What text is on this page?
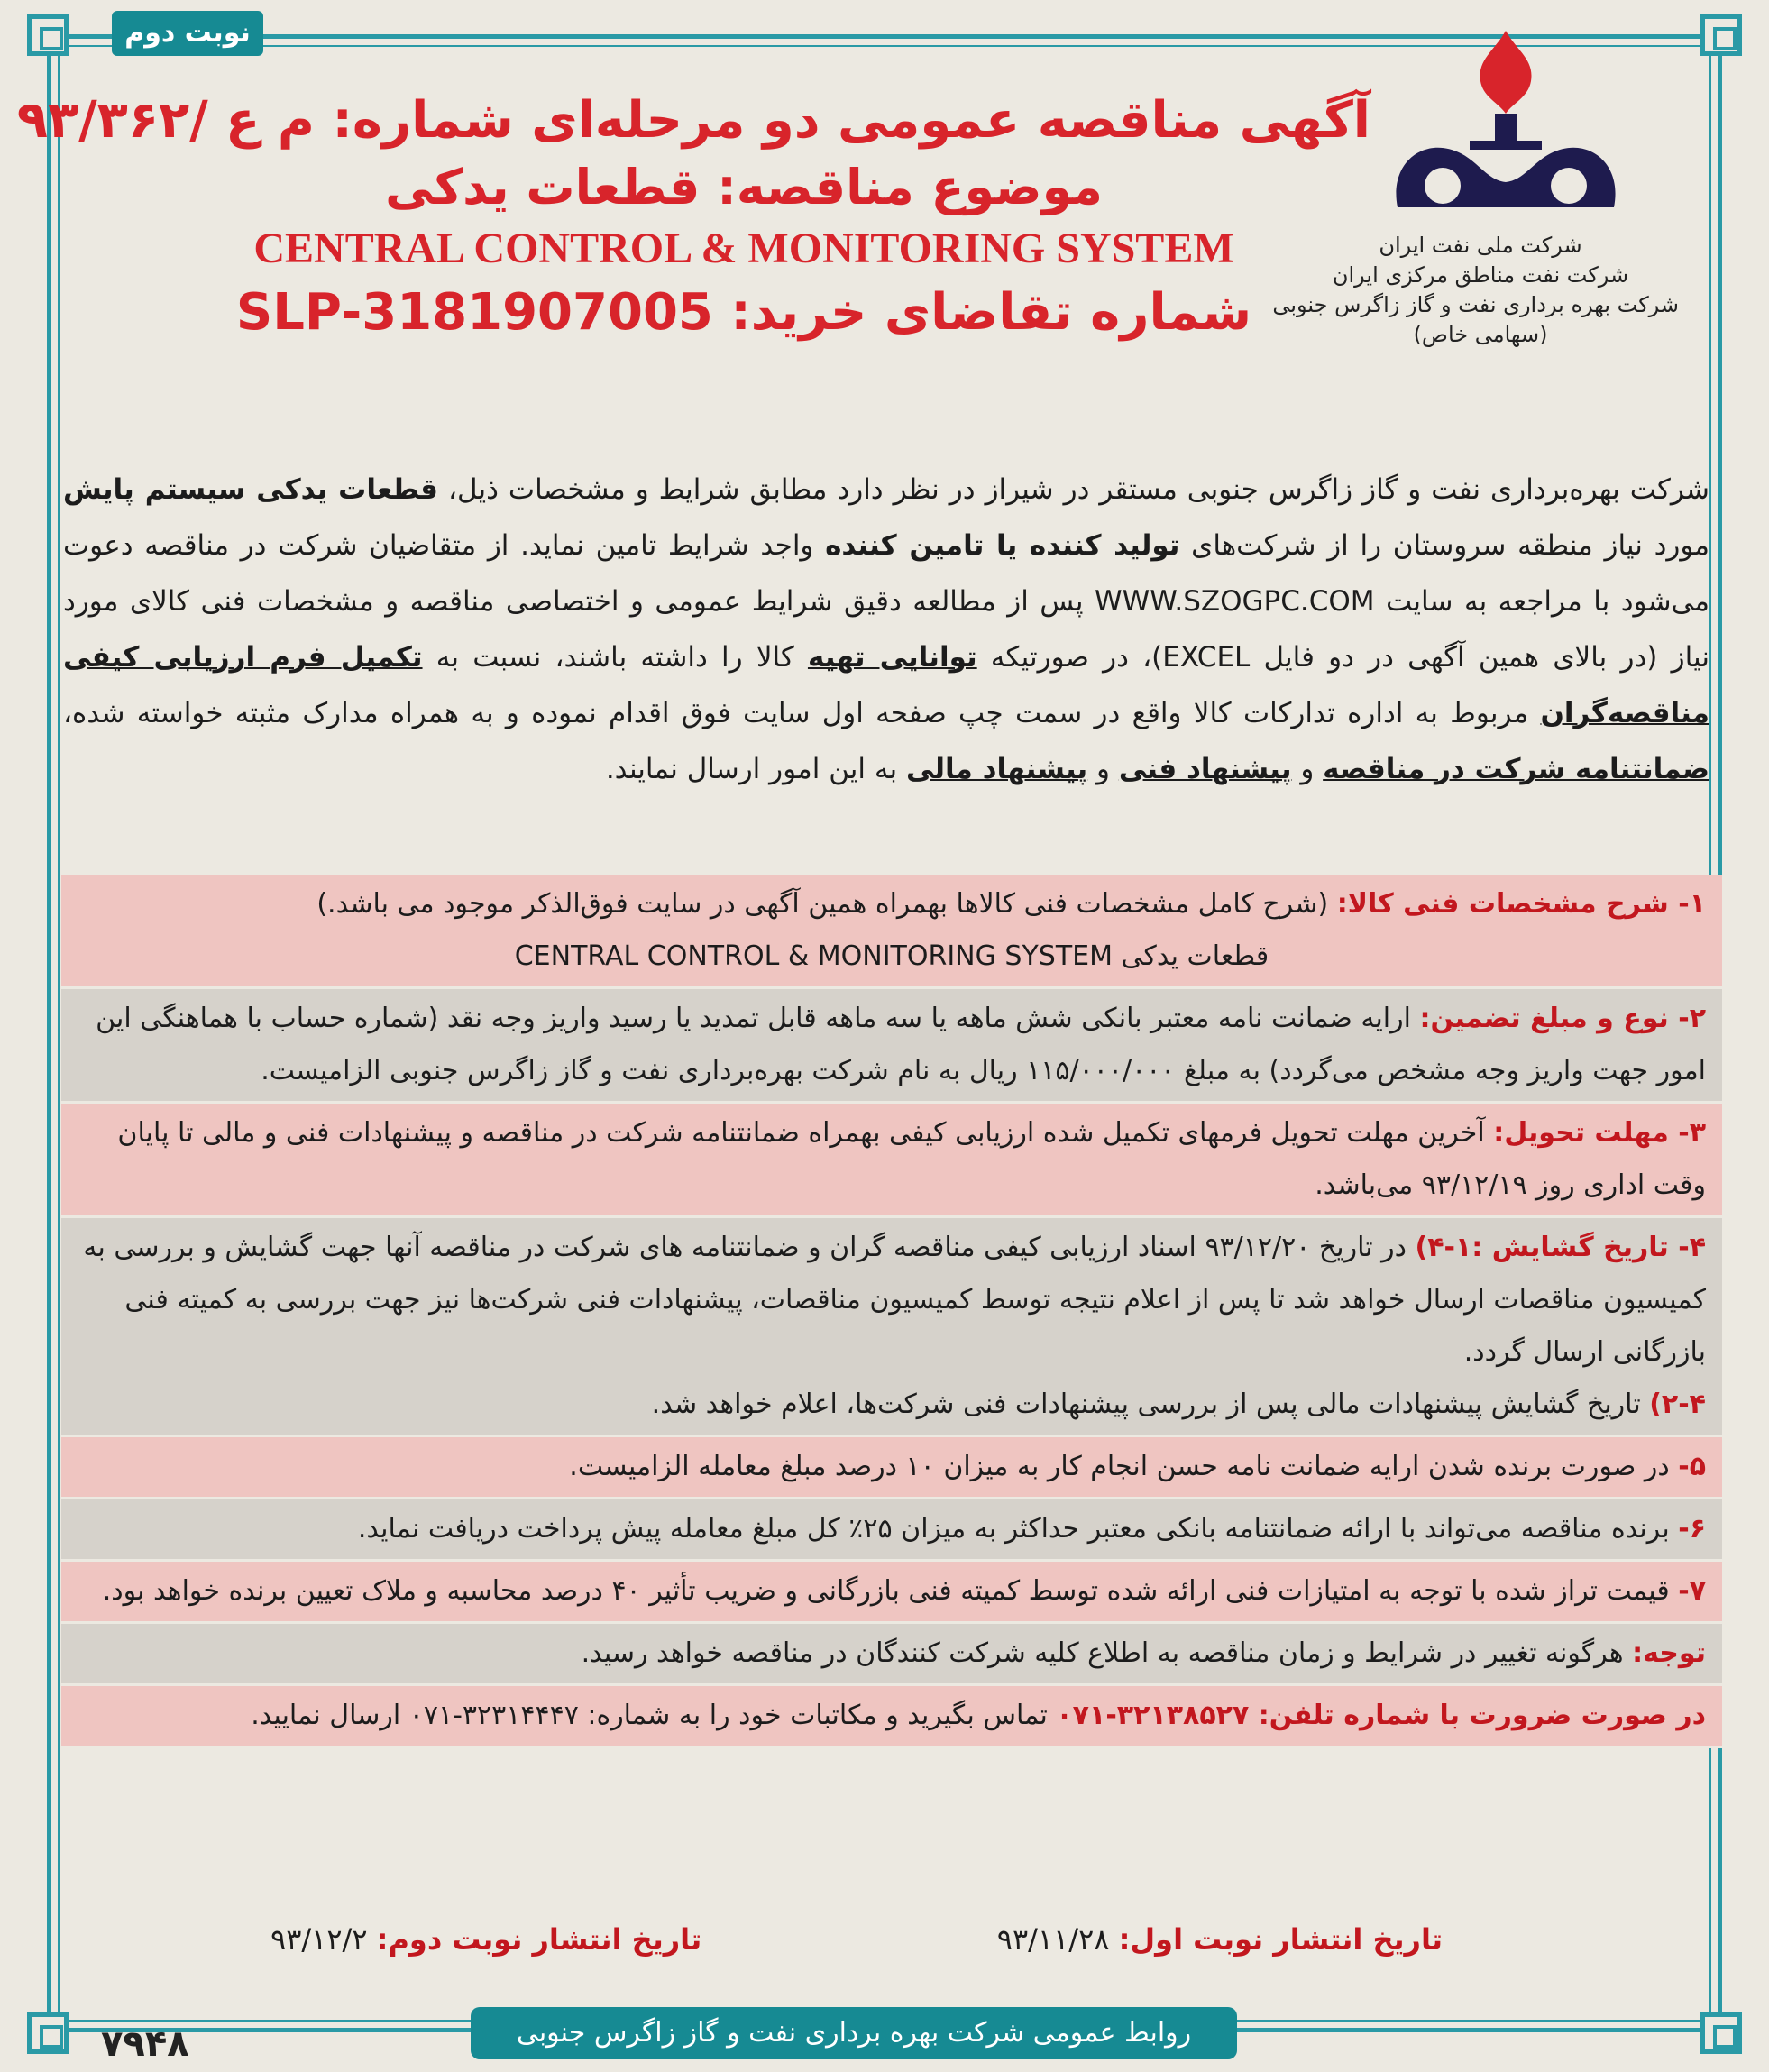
نوبت دوم
شرکت ملی نفت ایران
شرکت نفت مناطق مرکزی ایران
شرکت بهره برداری نفت و گاز زاگرس جنوبی
(سهامی خاص)
آگهی مناقصه عمومی دو مرحله‌ای شماره: م ع /۹۳/۳۶۲
موضوع مناقصه: قطعات یدکی
CENTRAL CONTROL & MONITORING SYSTEM
شماره تقاضای خرید: SLP-3181907005
شرکت بهره‌برداری نفت و گاز زاگرس جنوبی مستقر در شیراز در نظر دارد مطابق شرایط و مشخصات ذیل، قطعات یدکی سیستم پایش مورد نیاز منطقه سروستان را از شرکت‌های تولید کننده یا تامین کننده واجد شرایط تامین نماید. از متقاضیان شرکت در مناقصه دعوت می‌شود با مراجعه به سایت WWW.SZOGPC.COM پس از مطالعه دقیق شرایط عمومی و اختصاصی مناقصه و مشخصات فنی کالای مورد نیاز (در بالای همین آگهی در دو فایل EXCEL)، در صورتیکه توانایی تهیه کالا را داشته باشند، نسبت به تکمیل فرم ارزیابی کیفی مناقصه‌گران مربوط به اداره تدارکات کالا واقع در سمت چپ صفحه اول سایت فوق اقدام نموده و به همراه مدارک مثبته خواسته شده، ضمانتنامه شرکت در مناقصه و پیشنهاد فنی و پیشنهاد مالی به این امور ارسال نمایند.
۱- شرح مشخصات فنی کالا: (شرح کامل مشخصات فنی کالاها بهمراه همین آگهی در سایت فوق‌الذکر موجود می باشد.)
قطعات یدکی CENTRAL CONTROL & MONITORING SYSTEM
۲- نوع و مبلغ تضمین: ارایه ضمانت نامه معتبر بانکی شش ماهه یا سه ماهه قابل تمدید یا رسید واریز وجه نقد (شماره حساب با هماهنگی این امور جهت واریز وجه مشخص می‌گردد) به مبلغ ۱۱۵/۰۰۰/۰۰۰ ریال به نام شرکت بهره‌برداری نفت و گاز زاگرس جنوبی الزامیست.
۳- مهلت تحویل: آخرین مهلت تحویل فرمهای تکمیل شده ارزیابی کیفی بهمراه ضمانتنامه شرکت در مناقصه و پیشنهادات فنی و مالی تا پایان وقت اداری روز ۹۳/۱۲/۱۹ می‌باشد.
۴- تاریخ گشایش :۱-۴) در تاریخ ۹۳/۱۲/۲۰ اسناد ارزیابی کیفی مناقصه گران و ضمانتنامه های شرکت در مناقصه آنها جهت گشایش و بررسی به کمیسیون مناقصات ارسال خواهد شد تا پس از اعلام نتیجه توسط کمیسیون مناقصات، پیشنهادات فنی شرکت‌ها نیز جهت بررسی به کمیته فنی بازرگانی ارسال گردد.
۲-۴) تاریخ گشایش پیشنهادات مالی پس از بررسی پیشنهادات فنی شرکت‌ها، اعلام خواهد شد.
۵- در صورت برنده شدن ارایه ضمانت نامه حسن انجام کار به میزان ۱۰ درصد مبلغ معامله الزامیست.
۶- برنده مناقصه می‌تواند با ارائه ضمانتنامه بانکی معتبر حداکثر به میزان ۲۵٪ کل مبلغ معامله پیش پرداخت دریافت نماید.
۷- قیمت تراز شده با توجه به امتیازات فنی ارائه شده توسط کمیته فنی بازرگانی و ضریب تأثیر ۴۰ درصد محاسبه و ملاک تعیین برنده خواهد بود.
توجه: هرگونه تغییر در شرایط و زمان مناقصه به اطلاع کلیه شرکت کنندگان در مناقصه خواهد رسید.
در صورت ضرورت با شماره تلفن: ۳۲۱۳۸۵۲۷-۰۷۱ تماس بگیرید و مکاتبات خود را به شماره: ۳۲۳۱۴۴۴۷-۰۷۱ ارسال نمایید.
تاریخ انتشار نوبت اول: ۹۳/۱۱/۲۸
تاریخ انتشار نوبت دوم: ۹۳/۱۲/۲
روابط عمومی شرکت بهره برداری نفت و گاز زاگرس جنوبی
۷۹۴۸
